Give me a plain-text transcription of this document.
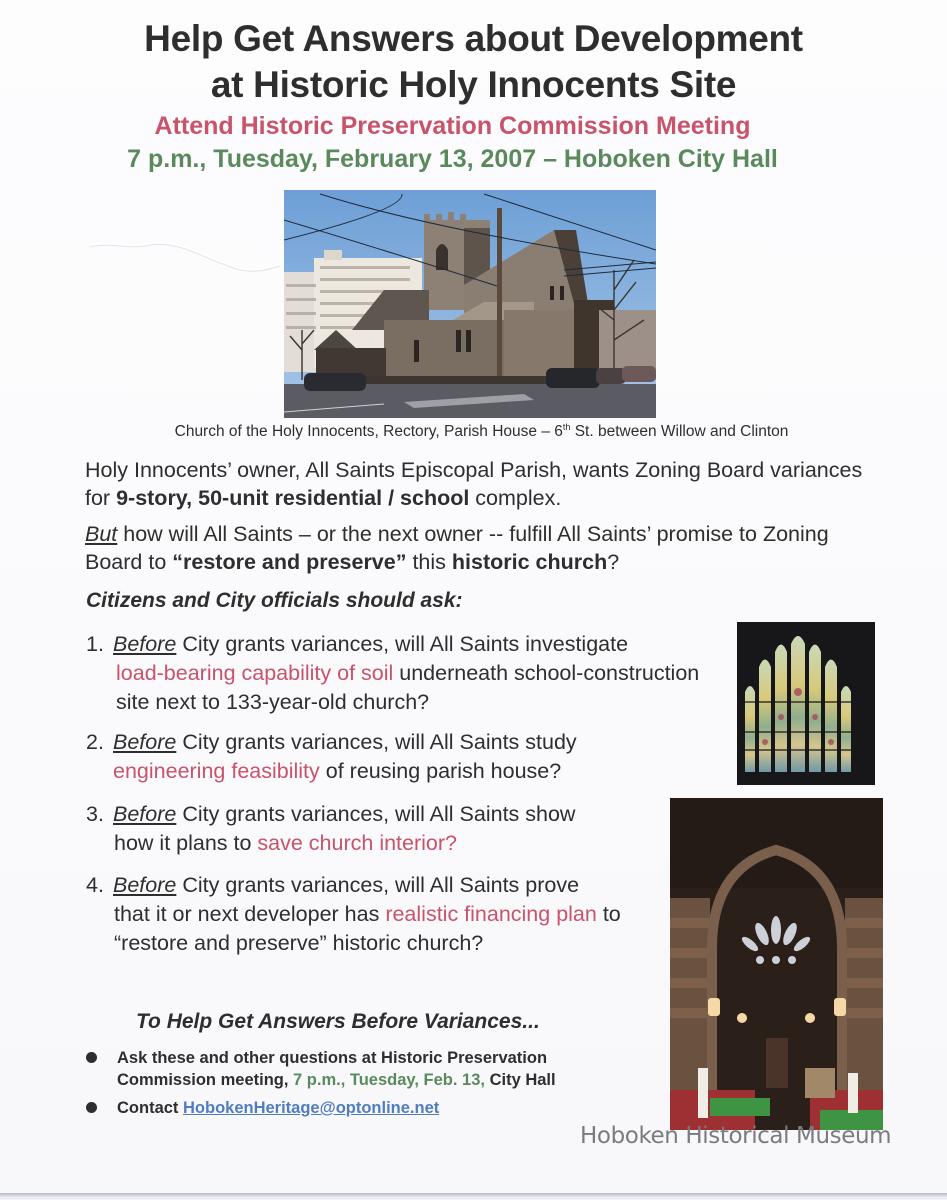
Help Get Answers about Development
at Historic Holy Innocents Site
Attend Historic Preservation Commission Meeting
7 p.m., Tuesday, February 13, 2007 – Hoboken City Hall
Church of the Holy Innocents, Rectory, Parish House – 6th St. between Willow and Clinton
Holy Innocents’ owner, All Saints Episcopal Parish, wants Zoning Board variances for 9-story, 50-unit residential / school complex.
But how will All Saints – or the next owner -- fulfill All Saints’ promise to Zoning Board to “restore and preserve” this historic church?
Citizens and City officials should ask:
1. Before City grants variances, will All Saints investigate
load-bearing capability of soil underneath school-construction site next to 133-year-old church?
2. Before City grants variances, will All Saints study
engineering feasibility of reusing parish house?
3. Before City grants variances, will All Saints show
how it plans to save church interior?
4. Before City grants variances, will All Saints prove
that it or next developer has realistic financing plan to “restore and preserve” historic church?
To Help Get Answers Before Variances...
Ask these and other questions at Historic Preservation
Commission meeting, 7 p.m., Tuesday, Feb. 13, City Hall
Contact HobokenHeritage@optonline.net
Hoboken Historical Museum
